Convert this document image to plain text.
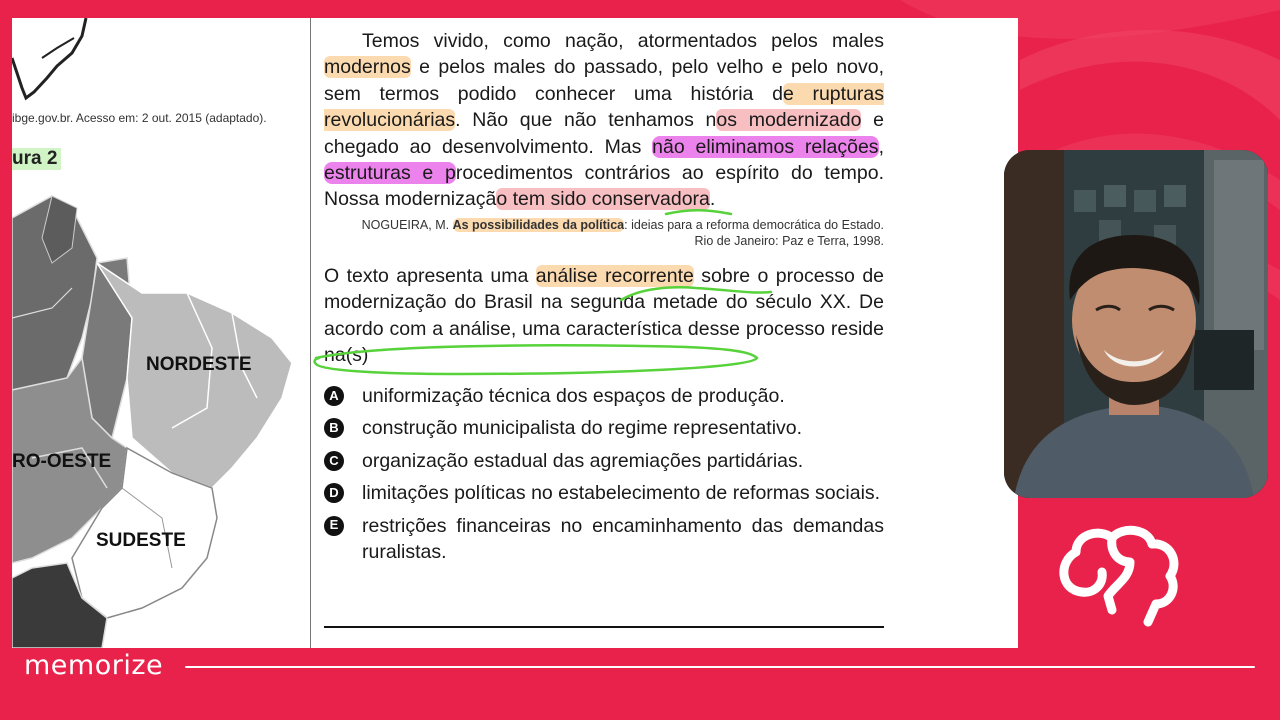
ibge.gov.br. Acesso em: 2 out. 2015 (adaptado).
ura 2
NORDESTE
RO-OESTE
SUDESTE

Temos vivido, como nação, atormentados pelos males modernos e pelos males do passado, pelo velho e pelo novo, sem termos podido conhecer uma história de rupturas revolucionárias. Não que não tenhamos nos modernizado e chegado ao desenvolvimento. Mas não eliminamos relações, estruturas e procedimentos contrários ao espírito do tempo. Nossa modernização tem sido conservadora.

NOGUEIRA, M. As possibilidades da política: ideias para a reforma democrática do Estado.
Rio de Janeiro: Paz e Terra, 1998.
O texto apresenta uma análise recorrente sobre o processo de modernização do Brasil na segunda metade do século XX. De acordo com a análise, uma característica desse processo reside na(s)
A uniformização técnica dos espaços de produção.
B construção municipalista do regime representativo.
C organização estadual das agremiações partidárias.
D limitações políticas no estabelecimento de reformas sociais.
E restrições financeiras no encaminhamento das demandas ruralistas.
memorize
